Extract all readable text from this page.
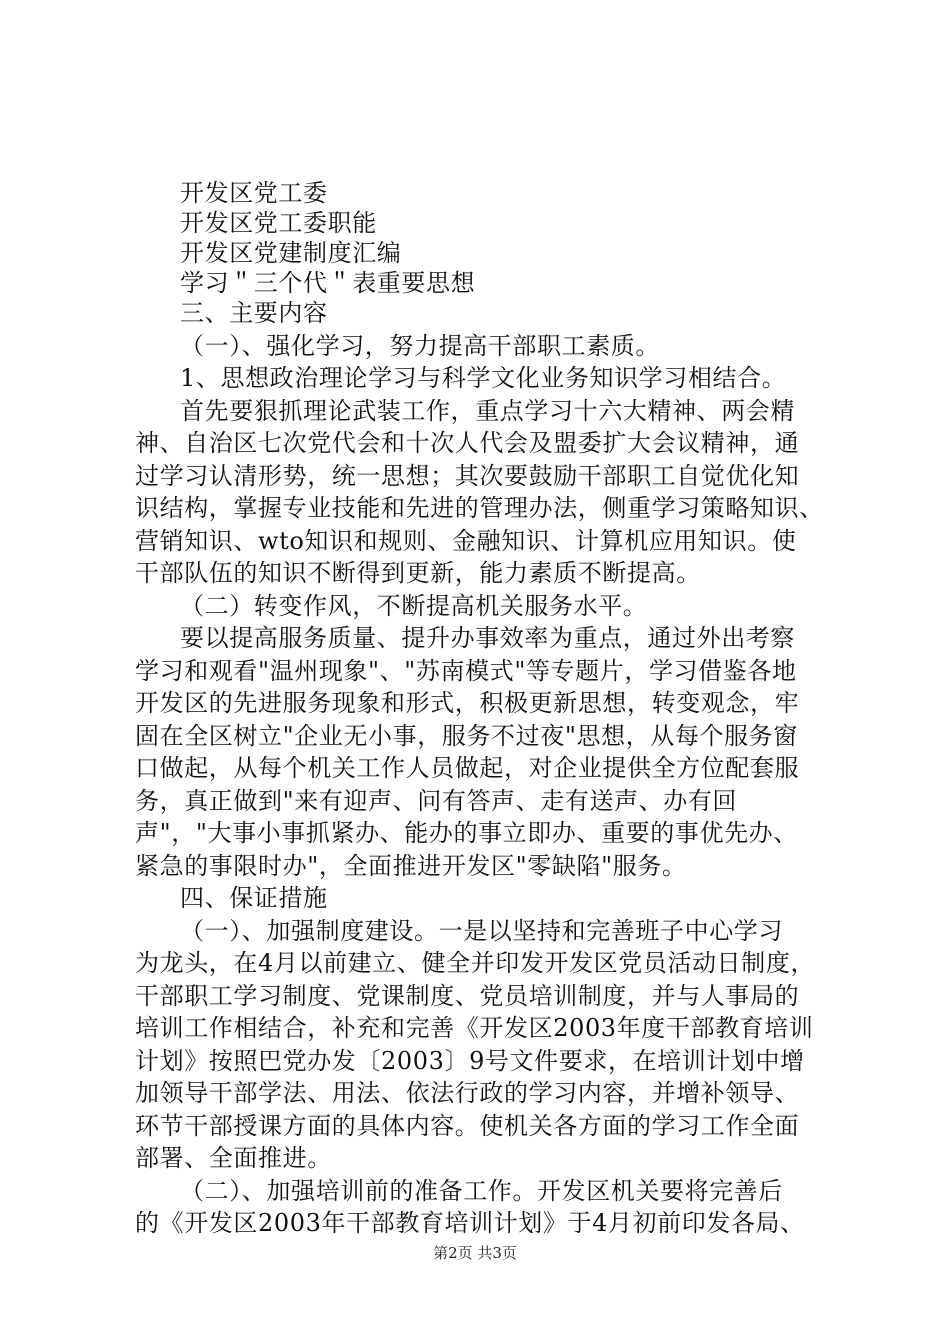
开发区党工委

开发区党工委职能

开发区党建制度汇编

学习＂三个代＂表重要思想

三、主要内容

（一）、强化学习，努力提高干部职工素质。

1、思想政治理论学习与科学文化业务知识学习相结合。

首先要狠抓理论武装工作，重点学习十六大精神、两会精

神、自治区七次党代会和十次人代会及盟委扩大会议精神，通

过学习认清形势，统一思想；其次要鼓励干部职工自觉优化知

识结构，掌握专业技能和先进的管理办法，侧重学习策略知识、

营销知识、wto知识和规则、金融知识、计算机应用知识。使

干部队伍的知识不断得到更新，能力素质不断提高。

（二）转变作风，不断提高机关服务水平。

要以提高服务质量、提升办事效率为重点，通过外出考察

学习和观看"温州现象"、"苏南模式"等专题片，学习借鉴各地

开发区的先进服务现象和形式，积极更新思想，转变观念，牢

固在全区树立"企业无小事，服务不过夜"思想，从每个服务窗

口做起，从每个机关工作人员做起，对企业提供全方位配套服

务，真正做到"来有迎声、问有答声、走有送声、办有回

声"，"大事小事抓紧办、能办的事立即办、重要的事优先办、

紧急的事限时办"，全面推进开发区"零缺陷"服务。

四、保证措施

（一）、加强制度建设。一是以坚持和完善班子中心学习

为龙头，在4月以前建立、健全并印发开发区党员活动日制度，

干部职工学习制度、党课制度、党员培训制度，并与人事局的

培训工作相结合，补充和完善《开发区2003年度干部教育培训

计划》按照巴党办发〔2003〕9号文件要求，在培训计划中增

加领导干部学法、用法、依法行政的学习内容，并增补领导、

环节干部授课方面的具体内容。使机关各方面的学习工作全面

部署、全面推进。

（二）、加强培训前的准备工作。开发区机关要将完善后

的《开发区2003年干部教育培训计划》于4月初前印发各局、

第2页 共3页
